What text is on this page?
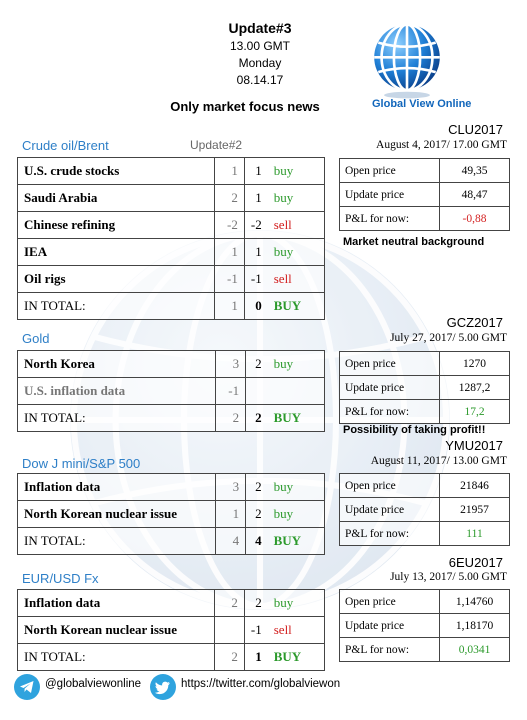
Update#3
13.00 GMT
Monday
08.14.17
Only market focus news	Global View Online
Crude oil/Brent	Update#2
CLU2017
August 4, 2017/ 17.00 GMT
U.S. crude stocks	1	1	buy
Saudi Arabia	2	1	buy
Chinese refining	-2	-2	sell
IEA	1	1	buy
Oil rigs	-1	-1	sell
IN TOTAL:	1	0	BUY
Open price	49,35
Update price	48,47
P&L for now:	-0,88
Market neutral background
Gold
GCZ2017
July 27, 2017/ 5.00 GMT
North Korea	3	2	buy
U.S. inflation data	-1		
IN TOTAL:	2	2	BUY
Open price	1270
Update price	1287,2
P&L for now:	17,2
Possibility of taking profit!!
Dow J mini/S&P 500
YMU2017
August 11, 2017/ 13.00 GMT
Inflation data	3	2	buy
North Korean nuclear issue	1	2	buy
IN TOTAL:	4	4	BUY
Open price	21846
Update price	21957
P&L for now:	111
EUR/USD Fx
6EU2017
July 13, 2017/ 5.00 GMT
Inflation data	2	2	buy
North Korean nuclear issue		-1	sell
IN TOTAL:	2	1	BUY
Open price	1,14760
Update price	1,18170
P&L for now:	0,0341
@globalviewonline	https://twitter.com/globalviewon
